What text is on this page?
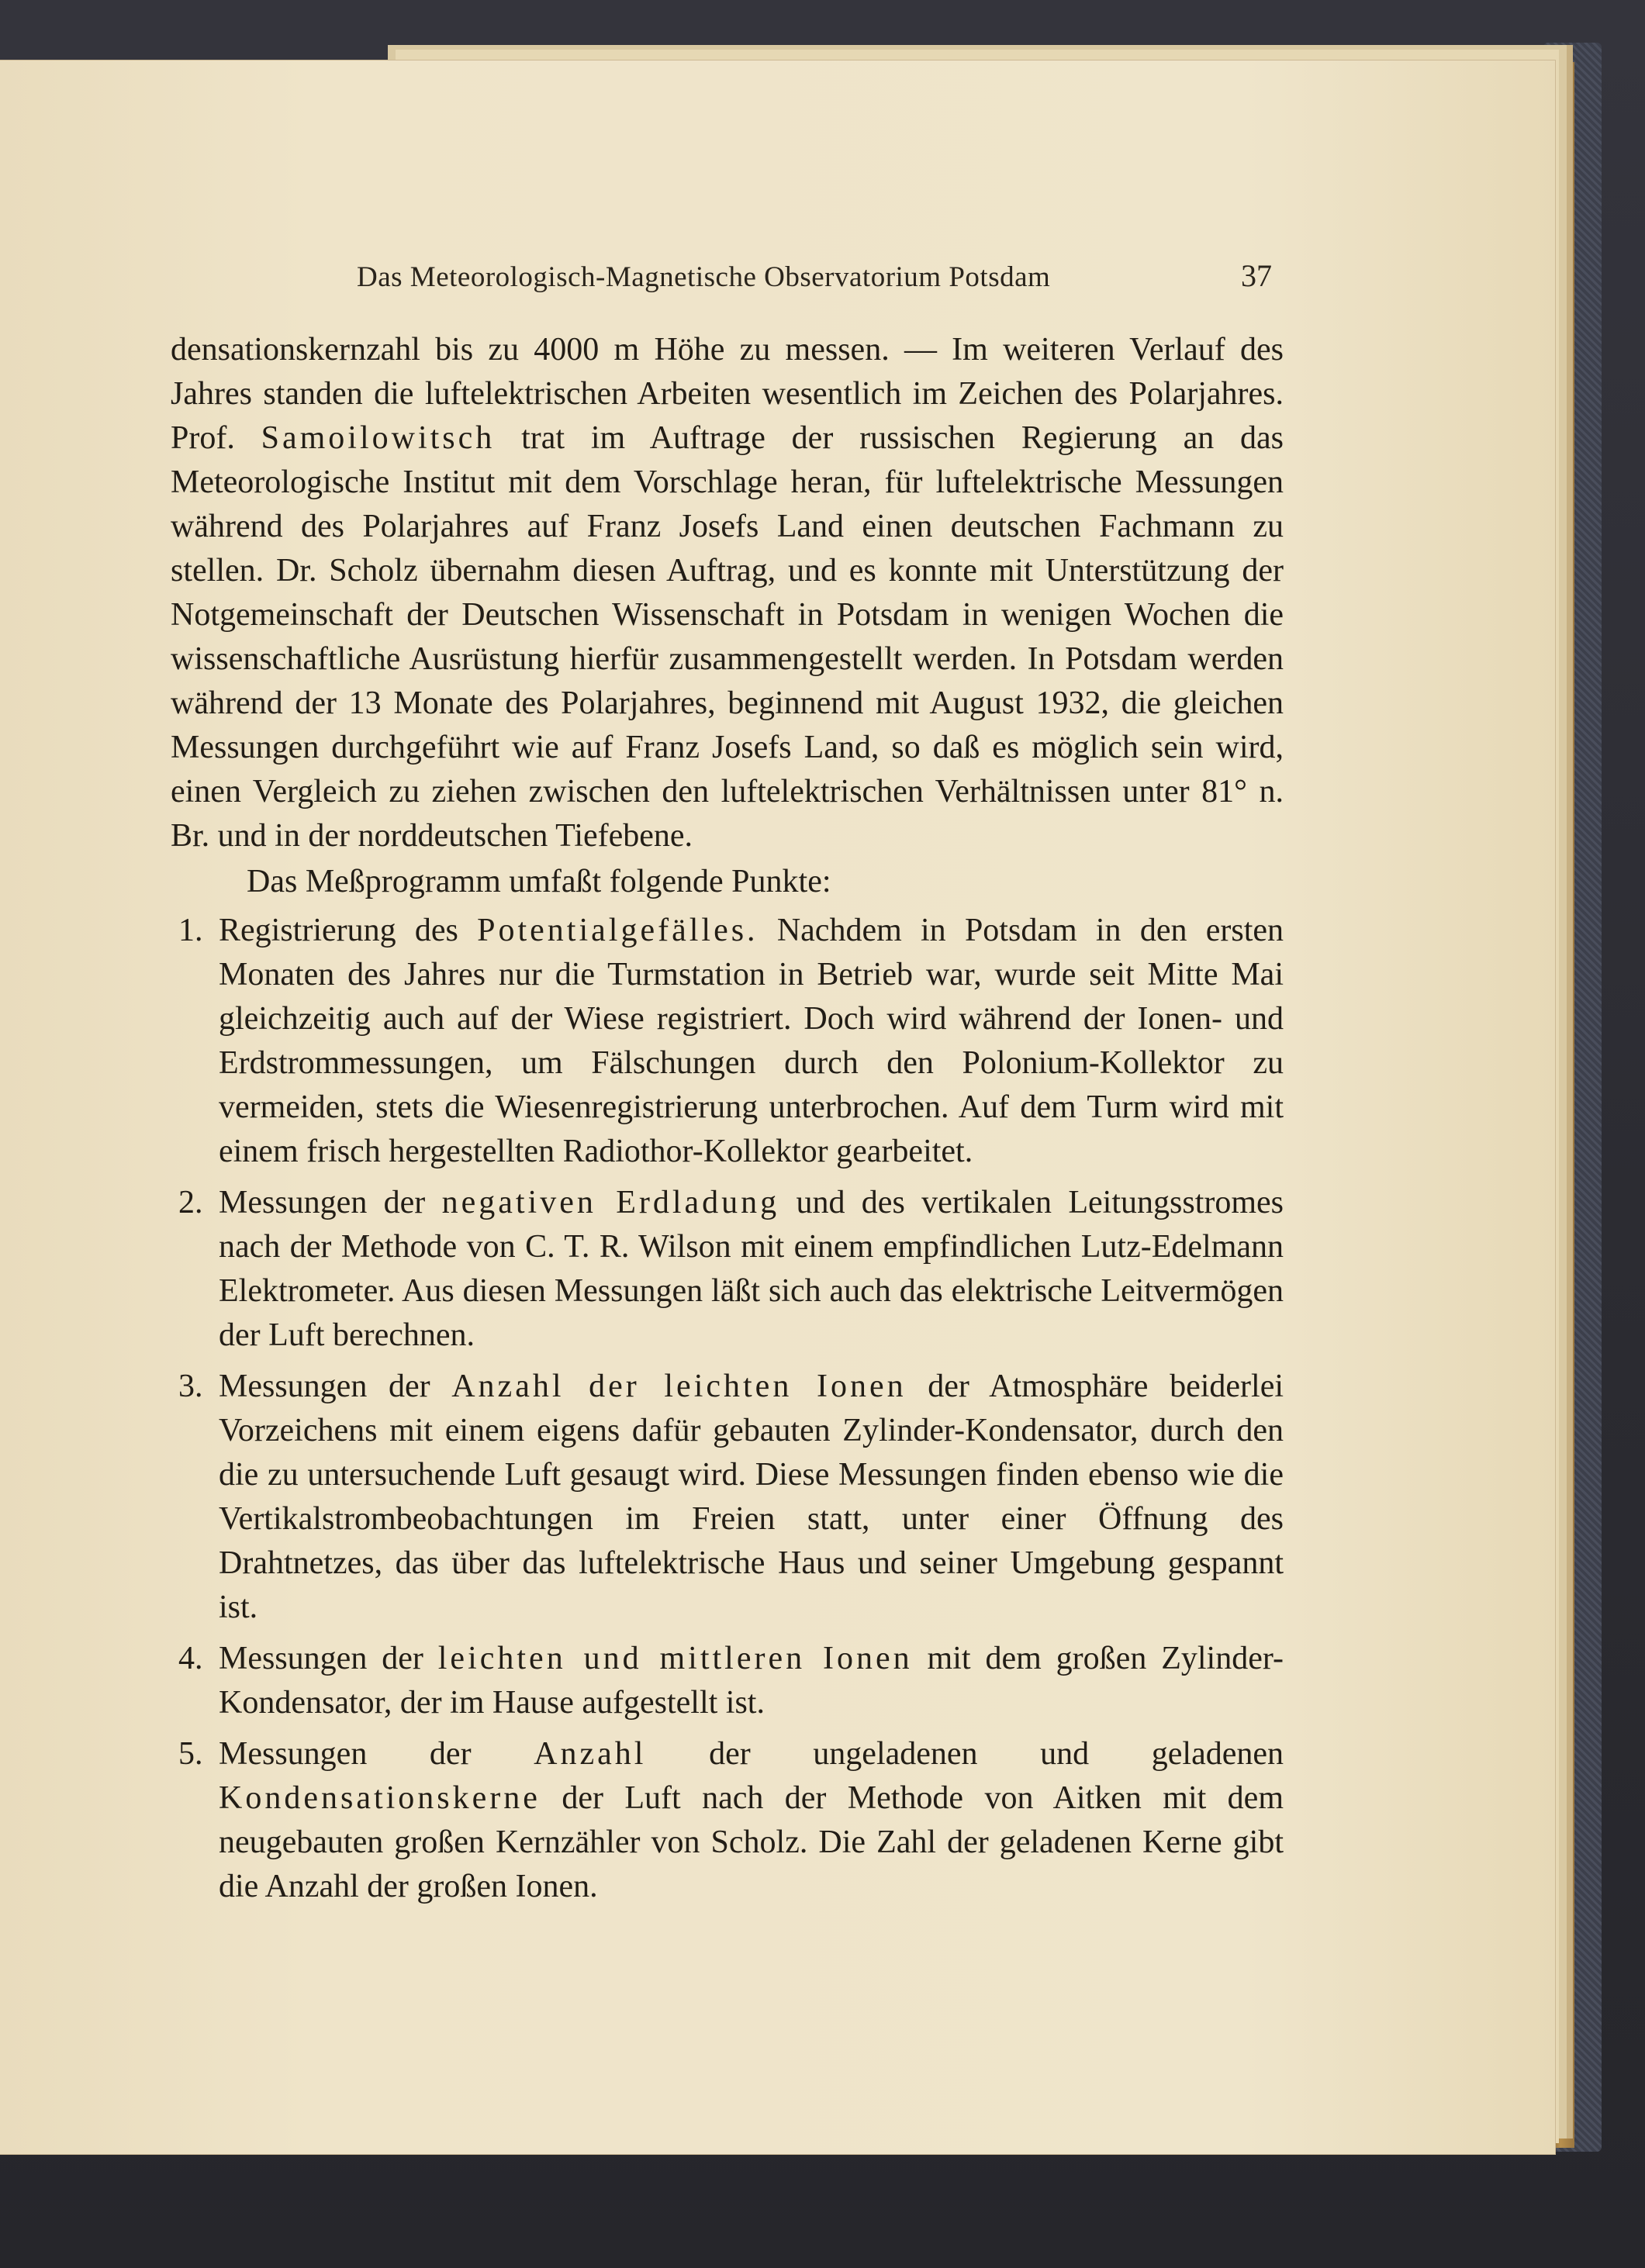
Das Meteorologisch-Magnetische Observatorium Potsdam	37

densationskernzahl bis zu 4000 m Höhe zu messen. — Im weiteren Verlauf des Jahres standen die luftelektrischen Arbeiten wesentlich im Zeichen des Polarjahres. Prof. Samoilowitsch trat im Auftrage der russischen Regierung an das Meteorologische Institut mit dem Vorschlage heran, für luftelektrische Messungen während des Polarjahres auf Franz Josefs Land einen deutschen Fachmann zu stellen. Dr. Scholz übernahm diesen Auftrag, und es konnte mit Unterstützung der Notgemeinschaft der Deutschen Wissenschaft in Potsdam in wenigen Wochen die wissenschaftliche Ausrüstung hierfür zusammengestellt werden. In Potsdam werden während der 13 Monate des Polarjahres, beginnend mit August 1932, die gleichen Messungen durchgeführt wie auf Franz Josefs Land, so daß es möglich sein wird, einen Vergleich zu ziehen zwischen den luftelektrischen Verhältnissen unter 81° n. Br. und in der norddeutschen Tiefebene.

Das Meßprogramm umfaßt folgende Punkte:

1. Registrierung des Potentialgefälles. Nachdem in Potsdam in den ersten Monaten des Jahres nur die Turmstation in Betrieb war, wurde seit Mitte Mai gleichzeitig auch auf der Wiese registriert. Doch wird während der Ionen- und Erdstrommessungen, um Fälschungen durch den Polonium-Kollektor zu vermeiden, stets die Wiesenregistrierung unterbrochen. Auf dem Turm wird mit einem frisch hergestellten Radiothor-Kollektor gearbeitet.
2. Messungen der negativen Erdladung und des vertikalen Leitungsstromes nach der Methode von C. T. R. Wilson mit einem empfindlichen Lutz-Edelmann Elektrometer. Aus diesen Messungen läßt sich auch das elektrische Leitvermögen der Luft berechnen.
3. Messungen der Anzahl der leichten Ionen der Atmosphäre beiderlei Vorzeichens mit einem eigens dafür gebauten Zylinder-Kondensator, durch den die zu untersuchende Luft gesaugt wird. Diese Messungen finden ebenso wie die Vertikalstrombeobachtungen im Freien statt, unter einer Öffnung des Drahtnetzes, das über das luftelektrische Haus und seiner Umgebung gespannt ist.
4. Messungen der leichten und mittleren Ionen mit dem großen Zylinder-Kondensator, der im Hause aufgestellt ist.
5. Messungen der Anzahl der ungeladenen und geladenen Kondensationskerne der Luft nach der Methode von Aitken mit dem neugebauten großen Kernzähler von Scholz. Die Zahl der geladenen Kerne gibt die Anzahl der großen Ionen.
